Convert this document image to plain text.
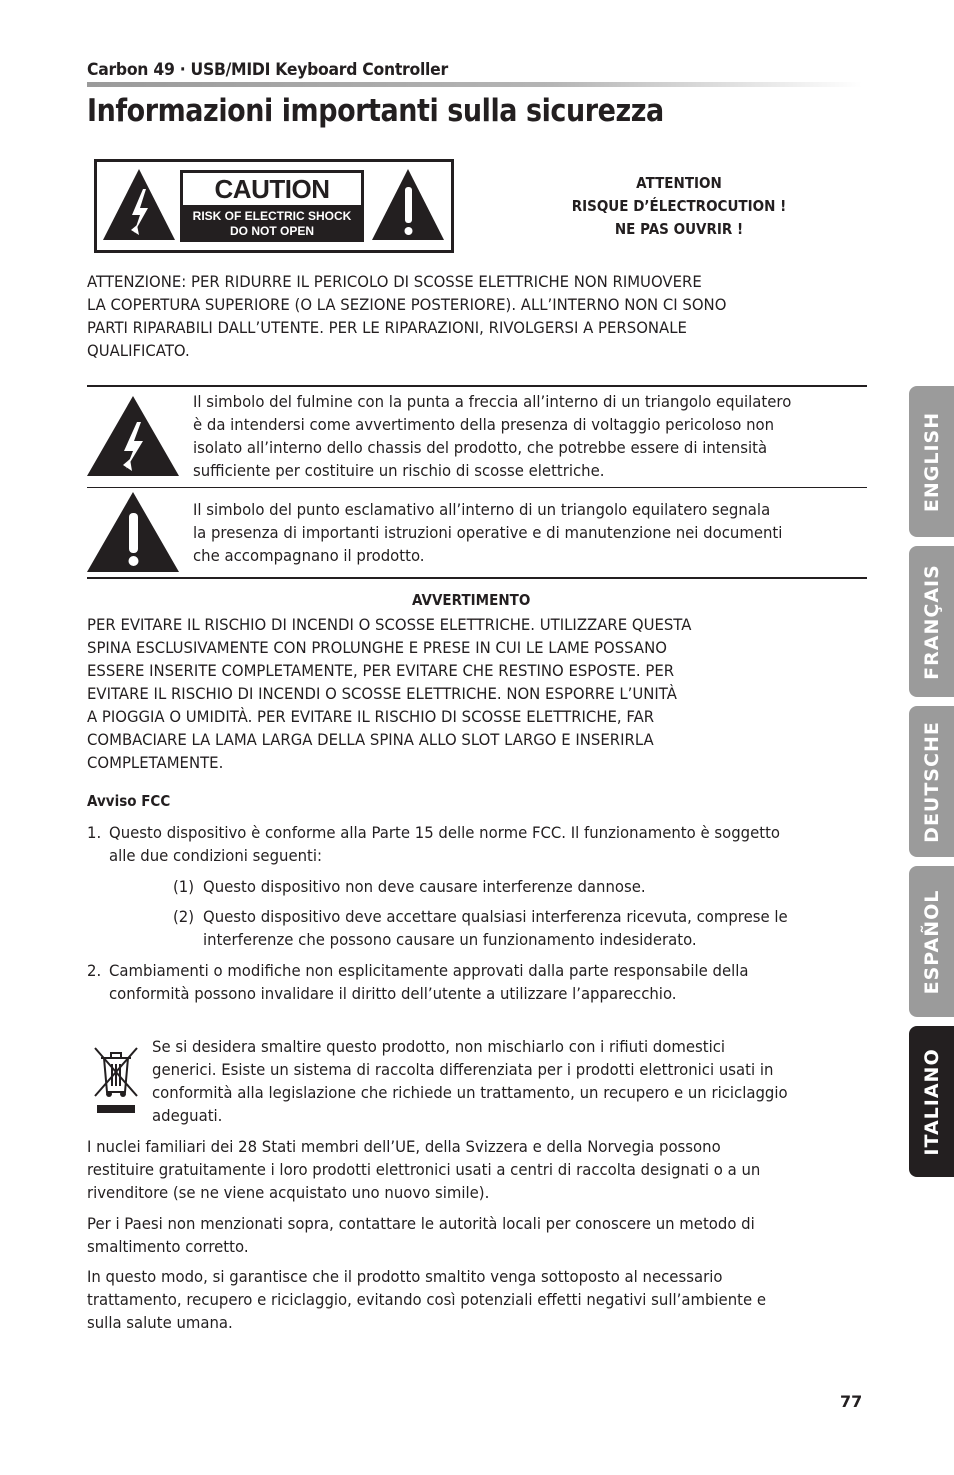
Carbon 49 · USB/MIDI Keyboard Controller
Informazioni importanti sulla sicurezza
CAUTION
RISK OF ELECTRIC SHOCK
DO NOT OPEN
ATTENTION
RISQUE D’ÉLECTROCUTION !
NE PAS OUVRIR !
ATTENZIONE: PER RIDURRE IL PERICOLO DI SCOSSE ELETTRICHE NON RIMUOVERE
LA COPERTURA SUPERIORE (O LA SEZIONE POSTERIORE). ALL’INTERNO NON CI SONO
PARTI RIPARABILI DALL’UTENTE. PER LE RIPARAZIONI, RIVOLGERSI A PERSONALE
QUALIFICATO.
Il simbolo del fulmine con la punta a freccia all’interno di un triangolo equilatero
è da intendersi come avvertimento della presenza di voltaggio pericoloso non
isolato all’interno dello chassis del prodotto, che potrebbe essere di intensità
sufficiente per costituire un rischio di scosse elettriche.
Il simbolo del punto esclamativo all’interno di un triangolo equilatero segnala
la presenza di importanti istruzioni operative e di manutenzione nei documenti
che accompagnano il prodotto.
AVVERTIMENTO
PER EVITARE IL RISCHIO DI INCENDI O SCOSSE ELETTRICHE. UTILIZZARE QUESTA
SPINA ESCLUSIVAMENTE CON PROLUNGHE E PRESE IN CUI LE LAME POSSANO
ESSERE INSERITE COMPLETAMENTE, PER EVITARE CHE RESTINO ESPOSTE. PER
EVITARE IL RISCHIO DI INCENDI O SCOSSE ELETTRICHE. NON ESPORRE L’UNITÀ
A PIOGGIA O UMIDITÀ. PER EVITARE IL RISCHIO DI SCOSSE ELETTRICHE, FAR
COMBACIARE LA LAMA LARGA DELLA SPINA ALLO SLOT LARGO E INSERIRLA
COMPLETAMENTE.
Avviso FCC
1. Questo dispositivo è conforme alla Parte 15 delle norme FCC. Il funzionamento è soggetto
alle due condizioni seguenti:
(1) Questo dispositivo non deve causare interferenze dannose.
(2) Questo dispositivo deve accettare qualsiasi interferenza ricevuta, comprese le
interferenze che possono causare un funzionamento indesiderato.
2. Cambiamenti o modifiche non esplicitamente approvati dalla parte responsabile della
conformità possono invalidare il diritto dell’utente a utilizzare l’apparecchio.
Se si desidera smaltire questo prodotto, non mischiarlo con i rifiuti domestici
generici. Esiste un sistema di raccolta differenziata per i prodotti elettronici usati in
conformità alla legislazione che richiede un trattamento, un recupero e un riciclaggio
adeguati.
I nuclei familiari dei 28 Stati membri dell’UE, della Svizzera e della Norvegia possono
restituire gratuitamente i loro prodotti elettronici usati a centri di raccolta designati o a un
rivenditore (se ne viene acquistato uno nuovo simile).
Per i Paesi non menzionati sopra, contattare le autorità locali per conoscere un metodo di
smaltimento corretto.
In questo modo, si garantisce che il prodotto smaltito venga sottoposto al necessario
trattamento, recupero e riciclaggio, evitando così potenziali effetti negativi sull’ambiente e
sulla salute umana.
ENGLISH
FRANÇAIS
DEUTSCHE
ESPAÑOL
ITALIANO
77
